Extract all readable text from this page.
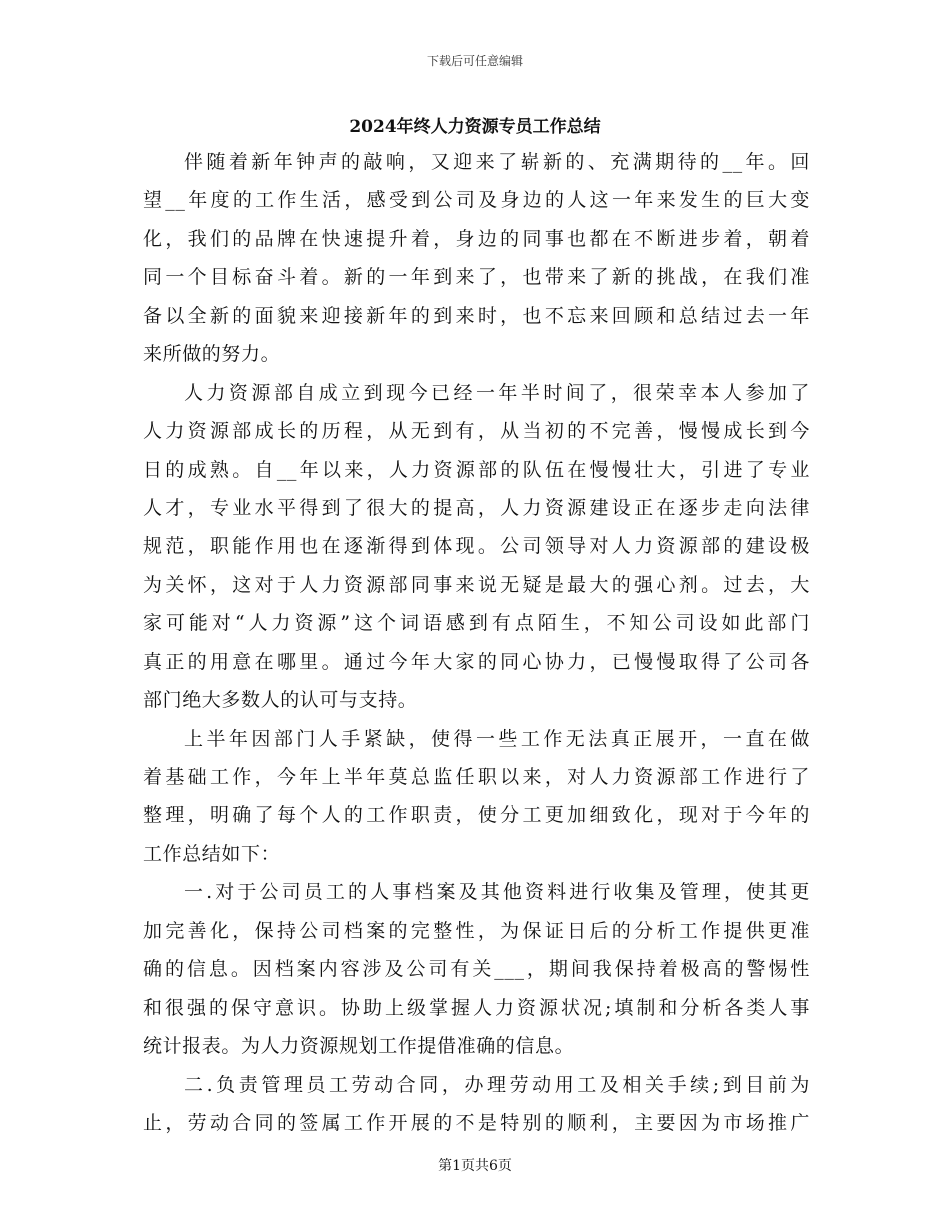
下载后可任意编辑
2024年终人力资源专员工作总结
伴随着新年钟声的敲响，又迎来了崭新的、充满期待的__年。回
望__年度的工作生活，感受到公司及身边的人这一年来发生的巨大变
化，我们的品牌在快速提升着，身边的同事也都在不断进步着，朝着
同一个目标奋斗着。新的一年到来了，也带来了新的挑战，在我们准
备以全新的面貌来迎接新年的到来时，也不忘来回顾和总结过去一年
来所做的努力。
人力资源部自成立到现今已经一年半时间了，很荣幸本人参加了
人力资源部成长的历程，从无到有，从当初的不完善，慢慢成长到今
日的成熟。自__年以来，人力资源部的队伍在慢慢壮大，引进了专业
人才，专业水平得到了很大的提高，人力资源建设正在逐步走向法律
规范，职能作用也在逐渐得到体现。公司领导对人力资源部的建设极
为关怀，这对于人力资源部同事来说无疑是最大的强心剂。过去，大
家可能对“人力资源”这个词语感到有点陌生，不知公司设如此部门
真正的用意在哪里。通过今年大家的同心协力，已慢慢取得了公司各
部门绝大多数人的认可与支持。
上半年因部门人手紧缺，使得一些工作无法真正展开，一直在做
着基础工作，今年上半年莫总监任职以来，对人力资源部工作进行了
整理，明确了每个人的工作职责，使分工更加细致化，现对于今年的
工作总结如下：
一.对于公司员工的人事档案及其他资料进行收集及管理，使其更
加完善化，保持公司档案的完整性，为保证日后的分析工作提供更准
确的信息。因档案内容涉及公司有关___，期间我保持着极高的警惕性
和很强的保守意识。协助上级掌握人力资源状况;填制和分析各类人事
统计报表。为人力资源规划工作提借准确的信息。
二.负责管理员工劳动合同，办理劳动用工及相关手续;到目前为
止，劳动合同的签属工作开展的不是特别的顺利，主要因为市场推广
第1页共6页
